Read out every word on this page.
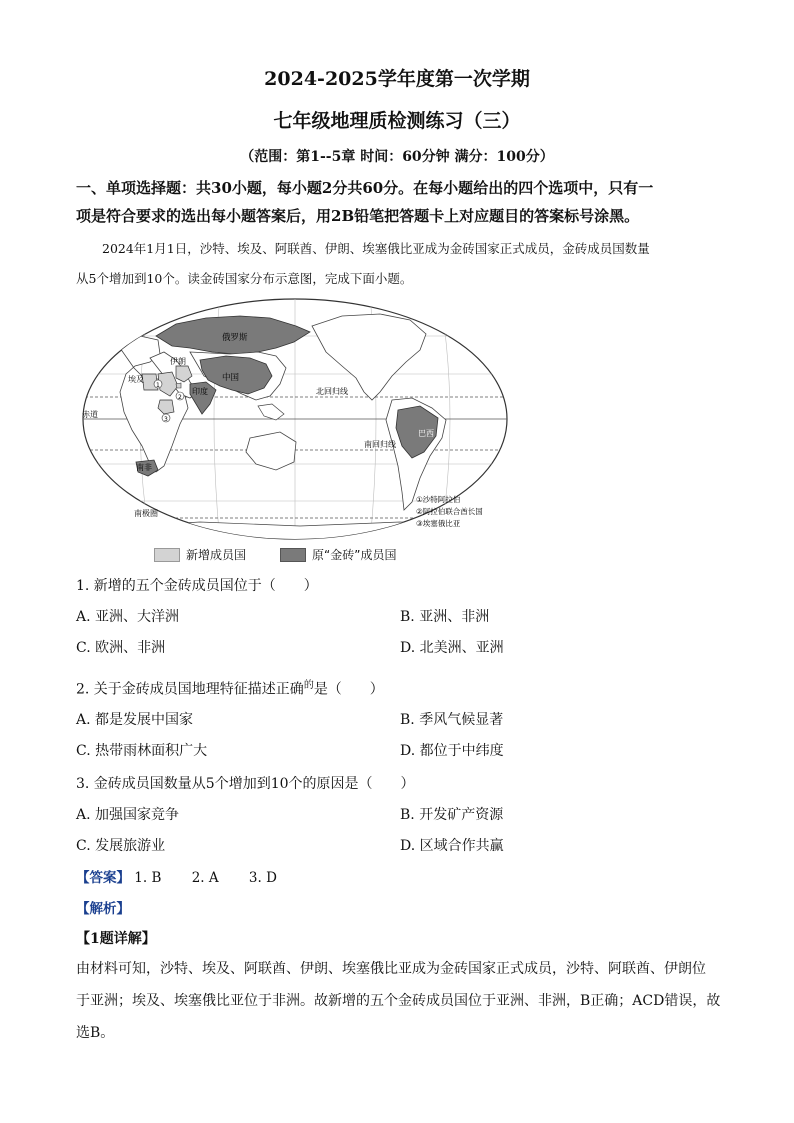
2024-2025学年度第一次学期
七年级地理质检测练习（三）
（范围：第1--5章 时间：60分钟 满分：100分）
一、单项选择题：共30小题，每小题2分共60分。在每小题给出的四个选项中，只有一
项是符合要求的选出每小题答案后，用2B铅笔把答题卡上对应题目的答案标号涂黑。
2024年1月1日，沙特、埃及、阿联酋、伊朗、埃塞俄比亚成为金砖国家正式成员，金砖成员国数量
从5个增加到10个。读金砖国家分布示意图，完成下面小题。
俄罗斯
中国
印度
埃及
伊朗
巴西
南非
赤道
北回归线
南回归线
南极圈
1
2
3
①沙特阿拉伯
②阿拉伯联合酋长国
③埃塞俄比亚
新增成员国	原“金砖”成员国
1. 新增的五个金砖成员国位于（　　）
A. 亚洲、大洋洲	B. 亚洲、非洲
C. 欧洲、非洲	D. 北美洲、亚洲
2. 关于金砖成员国地理特征描述正确$^的$是（　　）
A. 都是发展中国家	B. 季风气候显著
C. 热带雨林面积广大	D. 都位于中纬度
3. 金砖成员国数量从5个增加到10个的原因是（　　）
A. 加强国家竞争	B. 开发矿产资源
C. 发展旅游业	D. 区域合作共赢
【答案】 1. B 2. A 3. D
【解析】
【1题详解】
由材料可知，沙特、埃及、阿联酋、伊朗、埃塞俄比亚成为金砖国家正式成员，沙特、阿联酋、伊朗位
于亚洲；埃及、埃塞俄比亚位于非洲。故新增的五个金砖成员国位于亚洲、非洲，B正确；ACD错误，故
选B。
